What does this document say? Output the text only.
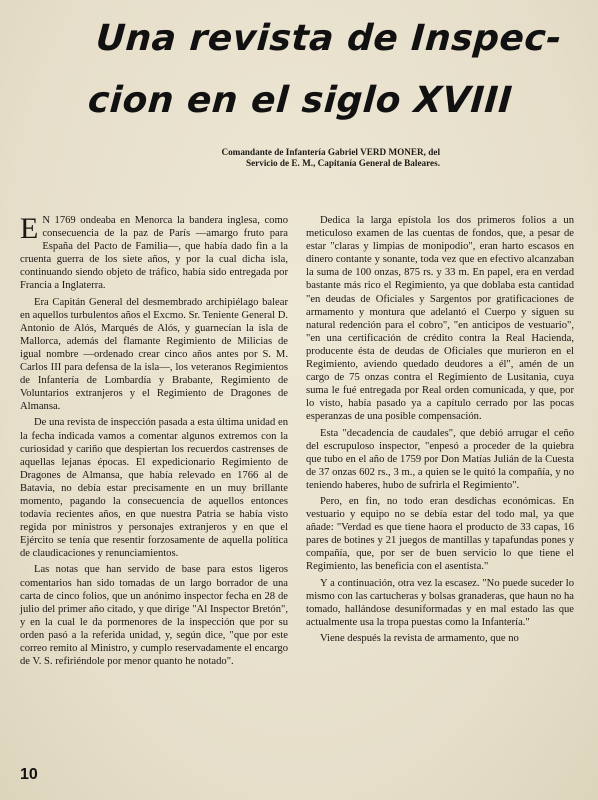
Una revista de Inspec-
cion en el siglo XVIII
Comandante de Infantería Gabriel VERD MONER, del
Servicio de E. M., Capitanía General de Baleares.

E N 1769 ondeaba en Menorca la bandera inglesa, como consecuencia de la paz de París —amargo fruto para España del Pacto de Familia—, que había dado fin a la cruenta guerra de los siete años, y por la cual dicha isla, continuando siendo objeto de tráfico, había sido entregada por Francia a Inglaterra.

Era Capitán General del desmembrado archipiélago balear en aquellos turbulentos años el Excmo. Sr. Teniente General D. Antonio de Alós, Marqués de Alós, y guarnecían la isla de Mallorca, además del flamante Regimiento de Milicias de igual nombre —ordenado crear cinco años antes por S. M. Carlos III para defensa de la isla—, los veteranos Regimientos de Infantería de Lombardía y Brabante, Regimiento de Voluntarios extranjeros y el Regimiento de Dragones de Almansa.

De una revista de inspección pasada a esta última unidad en la fecha indicada vamos a comentar algunos extremos con la curiosidad y cariño que despiertan los recuerdos castrenses de aquellas lejanas épocas. El expedicionario Regimiento de Dragones de Almansa, que había relevado en 1766 al de Batavia, no debía estar precisamente en un muy brillante momento, pagando la consecuencia de aquellos entonces todavía recientes años, en que nuestra Patria se había visto regida por ministros y personajes extranjeros y en que el Ejército se tenía que resentir forzosamente de aquella política de claudicaciones y renunciamientos.

Las notas que han servido de base para estos ligeros comentarios han sido tomadas de un largo borrador de una carta de cinco folios, que un anónimo inspector fecha en 28 de julio del primer año citado, y que dirige "Al Inspector Bretón", y en la cual le da pormenores de la inspección que por su orden pasó a la referida unidad, y, según dice, "que por este correo remito al Ministro, y cumplo reservadamente el encargo de V. S. refiriéndole por menor quanto he notado".

Dedica la larga epístola los dos primeros folios a un meticuloso examen de las cuentas de fondos, que, a pesar de estar "claras y limpias de monipodio", eran harto escasos en dinero contante y sonante, toda vez que en efectivo alcanzaban la suma de 100 onzas, 875 rs. y 33 m. En papel, era en verdad bastante más rico el Regimiento, ya que doblaba esta cantidad "en deudas de Oficiales y Sargentos por gratificaciones de armamento y montura que adelantó el Cuerpo y siguen su natural redención para el cobro", "en anticipos de vestuario", "en una certificación de crédito contra la Real Hacienda, producente ésta de deudas de Oficiales que murieron en el Regimiento, aviendo quedado deudores a él", amén de un cargo de 75 onzas contra el Regimiento de Lusitania, cuya suma le fué entregada por Real orden comunicada, y que, por lo visto, había pasado ya a capítulo cerrado por las pocas esperanzas de una posible compensación.

Esta "decadencia de caudales", que debió arrugar el ceño del escrupuloso inspector, "enpesó a proceder de la quiebra que tubo en el año de 1759 por Don Matías Julián de la Cuesta de 37 onzas 602 rs., 3 m., a quien se le quitó la compañía, y no teniendo haberes, hubo de sufrirla el Regimiento".

Pero, en fin, no todo eran desdichas económicas. En vestuario y equipo no se debía estar del todo mal, ya que añade: "Verdad es que tiene haora el producto de 33 capas, 16 pares de botines y 21 juegos de mantillas y tapafundas pones y compañía, que, por ser de buen servicio lo que tiene el Regimiento, las beneficia con el asentista."

Y a continuación, otra vez la escasez. "No puede suceder lo mismo con las cartucheras y bolsas granaderas, que haun no ha tomado, hallándose desuniformadas y en mal estado las que actualmente usa la tropa puestas como la Infantería."

Viene después la revista de armamento, que no

10
